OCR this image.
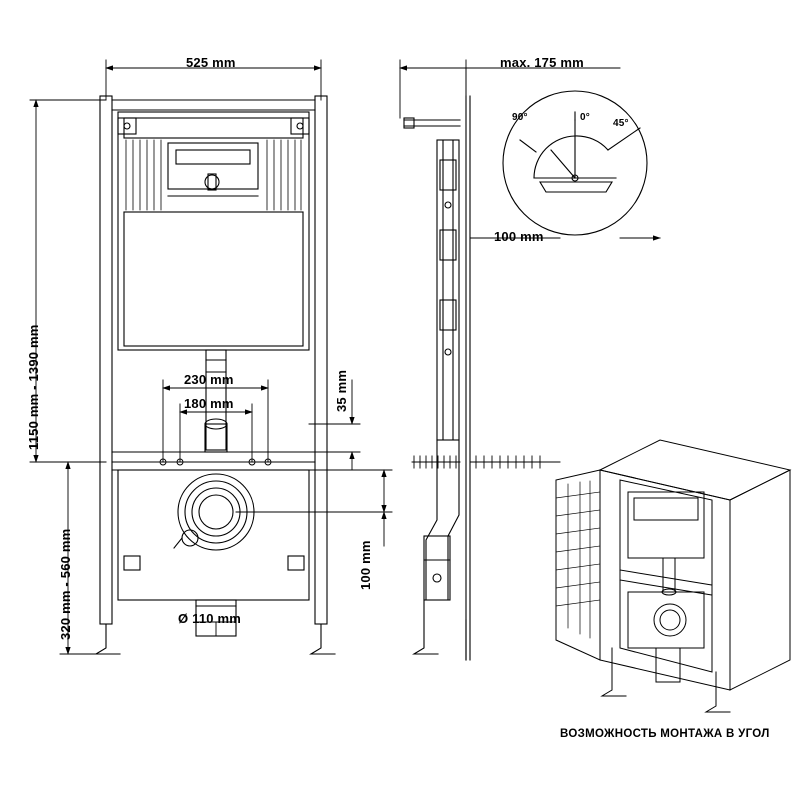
525 mm
1150 mm - 1390 mm
320 mm - 560 mm
230 mm
180 mm	35 mm
100 mm
Ø 110 mm
max. 175 mm
100 mm
90°	0°
45°
ВОЗМОЖНОСТЬ МОНТАЖА В УГОЛ
